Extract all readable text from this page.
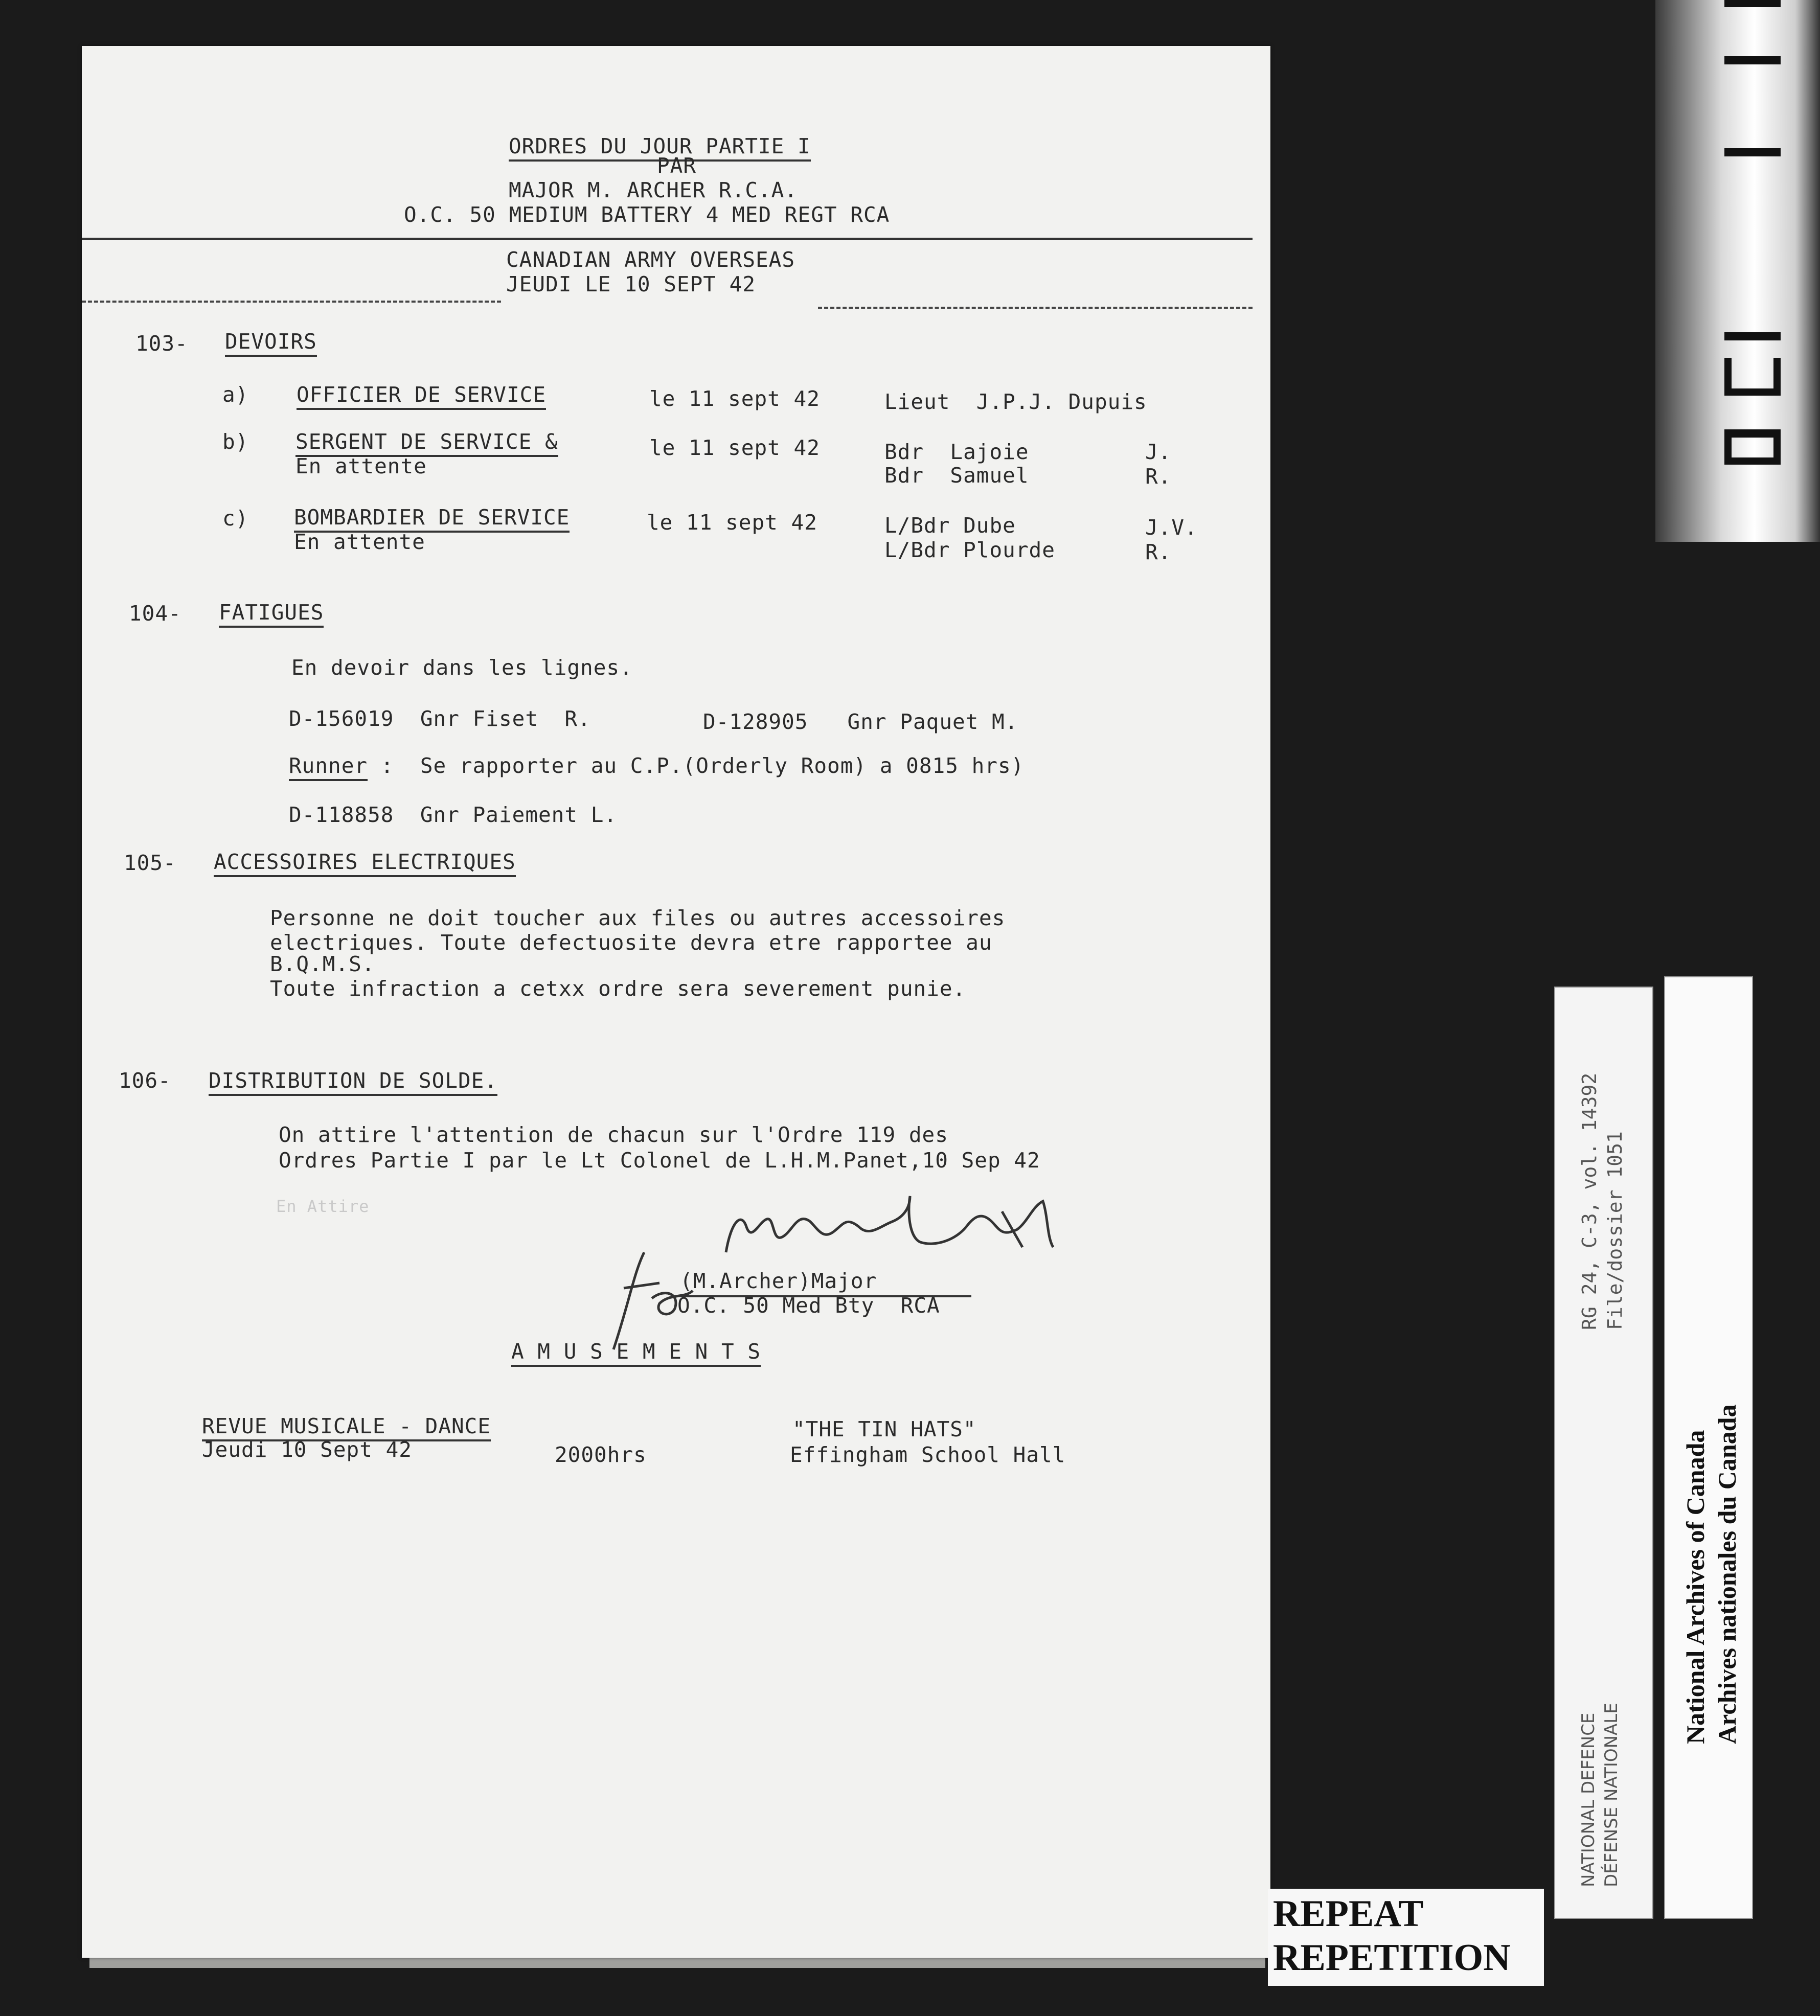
ORDRES DU JOUR PARTIE I
PAR
MAJOR M. ARCHER R.C.A.
O.C. 50 MEDIUM BATTERY 4 MED REGT RCA
CANADIAN ARMY OVERSEAS
JEUDI LE 10 SEPT 42
103- DEVOIRS
a) OFFICIER DE SERVICE	le 11 sept 42	Lieut  J.P.J. Dupuis
b) SERGENT DE SERVICE &
En attente
le 11 sept 42	Bdr  Lajoie	J.
Bdr  Samuel	R.
c) BOMBARDIER DE SERVICE
En attente
le 11 sept 42	L/Bdr Dube	J.V.
L/Bdr Plourde	R.
104- FATIGUES
En devoir dans les lignes.
D-156019  Gnr Fiset  R.	D-128905   Gnr Paquet M.
Runner :  Se rapporter au C.P.(Orderly Room) a 0815 hrs)
D-118858  Gnr Paiement L.
105- ACCESSOIRES ELECTRIQUES
Personne ne doit toucher aux files ou autres accessoires
electriques. Toute defectuosite devra etre rapportee au
B.Q.M.S.
Toute infraction a cetxx ordre sera severement punie.
106- DISTRIBUTION DE SOLDE.
On attire l'attention de chacun sur l'Ordre 119 des
Ordres Partie I par le Lt Colonel de L.H.M.Panet,10 Sep 42
En Attire
(M.Archer)Major
O.C. 50 Med Bty  RCA
A M U S E M E N T S
REVUE MUSICALE - DANCE
Jeudi 10 Sept 42	2000hrs
"THE TIN HATS"
Effingham School Hall
RG 24, C-3, vol. 14392 File/dossier 1051
NATIONAL DEFENCE DÉFENSE NATIONALE
National Archives of Canada Archives nationales du Canada
REPEAT
REPETITION
